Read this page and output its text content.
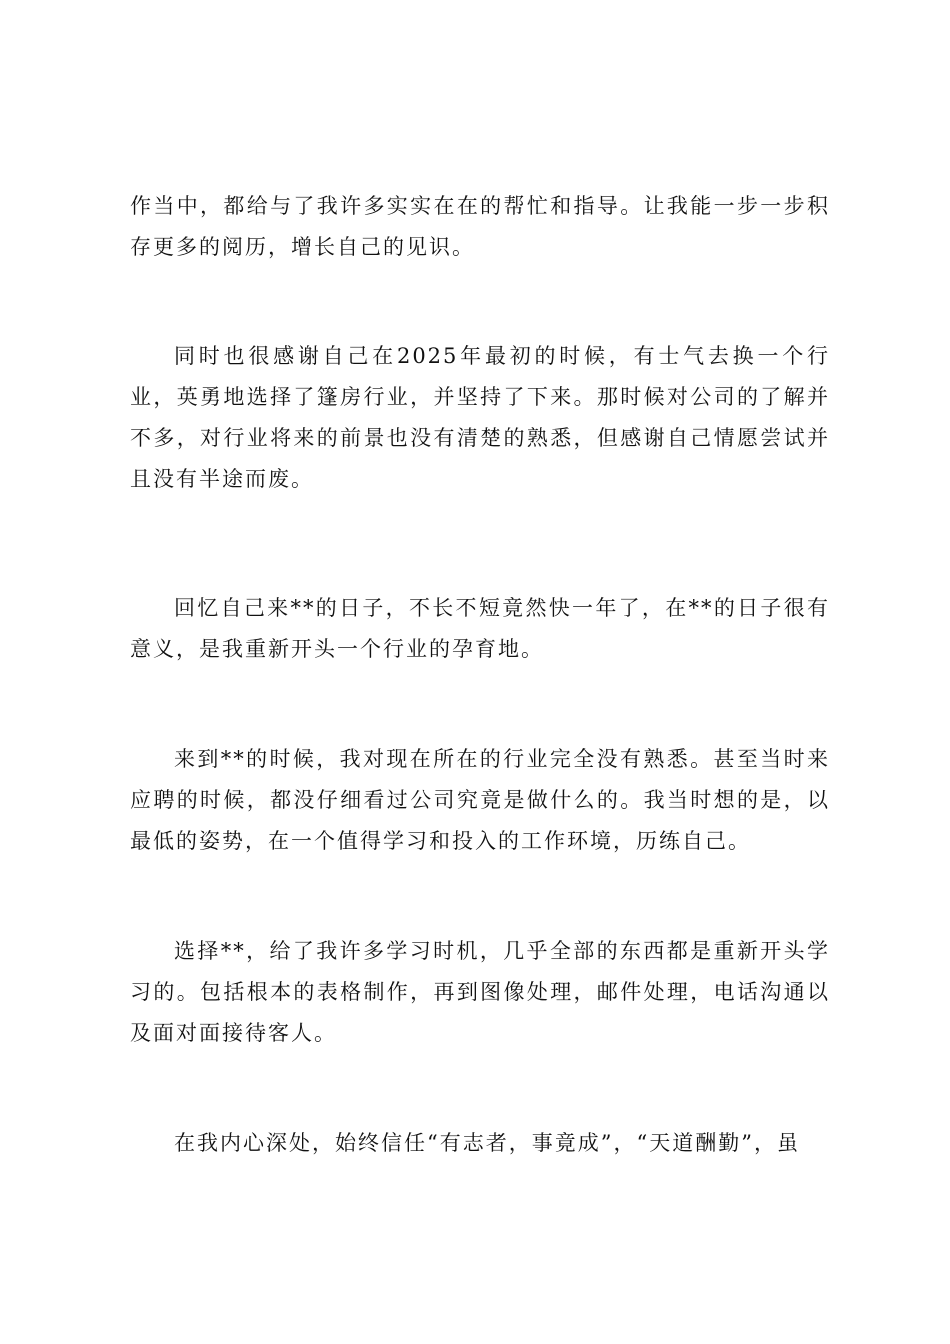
作当中，都给与了我许多实实在在的帮忙和指导。让我能一步一步积存更多的阅历，增长自己的见识。

同时也很感谢自己在2025年最初的时候，有士气去换一个行业，英勇地选择了篷房行业，并坚持了下来。那时候对公司的了解并不多，对行业将来的前景也没有清楚的熟悉，但感谢自己情愿尝试并且没有半途而废。

回忆自己来**的日子，不长不短竟然快一年了，在**的日子很有意义，是我重新开头一个行业的孕育地。

来到**的时候，我对现在所在的行业完全没有熟悉。甚至当时来应聘的时候，都没仔细看过公司究竟是做什么的。我当时想的是，以最低的姿势，在一个值得学习和投入的工作环境，历练自己。

选择**，给了我许多学习时机，几乎全部的东西都是重新开头学习的。包括根本的表格制作，再到图像处理，邮件处理，电话沟通以及面对面接待客人。

在我内心深处，始终信任“有志者，事竟成”，“天道酬勤”，虽
